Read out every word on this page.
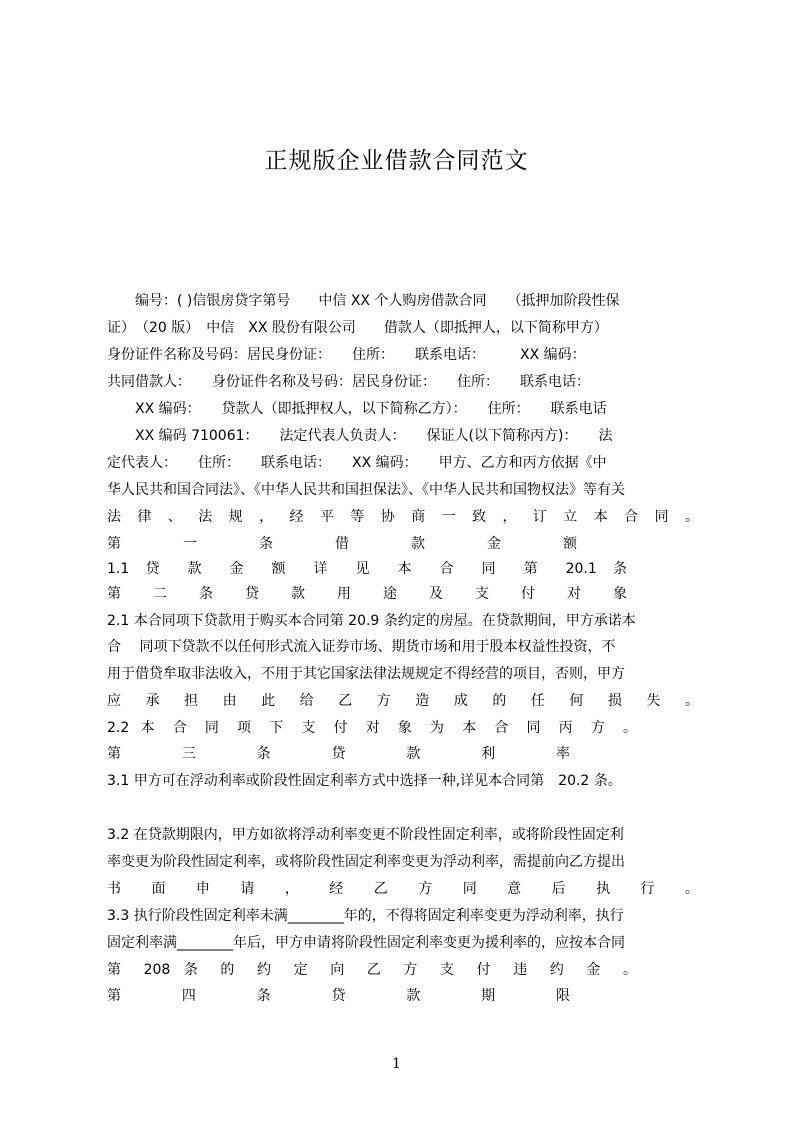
正规版企业借款合同范文
　　编号：( )信银房贷字第号　　中信 XX 个人购房借款合同　　（抵押加阶段性保
证）　（20 版）　中信　XX 股份有限公司　　借款人（即抵押人，以下简称甲方）
身份证件名称及号码：居民身份证：　　住所：　　联系电话：　　　XX 编码：
共同借款人：　　身份证件名称及号码：居民身份证：　　住所：　　联系电话：
　　XX 编码：　　贷款人（即抵押权人，以下简称乙方）：　　住所：　　联系电话
　　XX 编码 710061：　　法定代表人负责人：　　保证人(以下简称丙方)：　　法
定代表人：　　住所：　　联系电话：　　XX 编码：　　甲方、乙方和丙方依据《中
华人民共和国合同法》、《中华人民共和国担保法》、《中华人民共和国物权法》等有关
法 律 、 法 规 ， 经 平 等 协 商 一 致 ， 订 立 本 合 同 。
第 一 条 借 款 金 额
1.1 贷 款 金 额 详 见 本 合 同 第 20.1 条
第 二 条 贷 款 用 途 及 支 付 对 象
2.1 本合同项下贷款用于购买本合同第 20.9 条约定的房屋。在贷款期间，甲方承诺本
合　 同项下贷款不以任何形式流入证券市场、期货市场和用于股本权益性投资，不
用于借贷牟取非法收入，不用于其它国家法律法规规定不得经营的项目，否则，甲方
应 承 担 由 此 给 乙 方 造 成 的 任 何 损 失 。
2.2 本 合 同 项 下 支 付 对 象 为 本 合 同 丙 方 。
第 三 条 贷 款 利 率
3.1 甲方可在浮动利率或阶段性固定利率方式中选择一种,详见本合同第　20.2 条。
3.2 在贷款期限内，甲方如欲将浮动利率变更不阶段性固定利率，或将阶段性固定利
率变更为阶段性固定利率，或将阶段性固定利率变更为浮动利率，需提前向乙方提出
书 面 申 请 ， 经 乙 方 同 意 后 执 行 。
3.3 执行阶段性固定利率未满________年的，不得将固定利率变更为浮动利率，执行
固定利率满________年后，甲方申请将阶段性固定利率变更为援利率的，应按本合同
第 208 条 的 约 定 向 乙 方 支 付 违 约 金 。
第 四 条 贷 款 期 限
1
